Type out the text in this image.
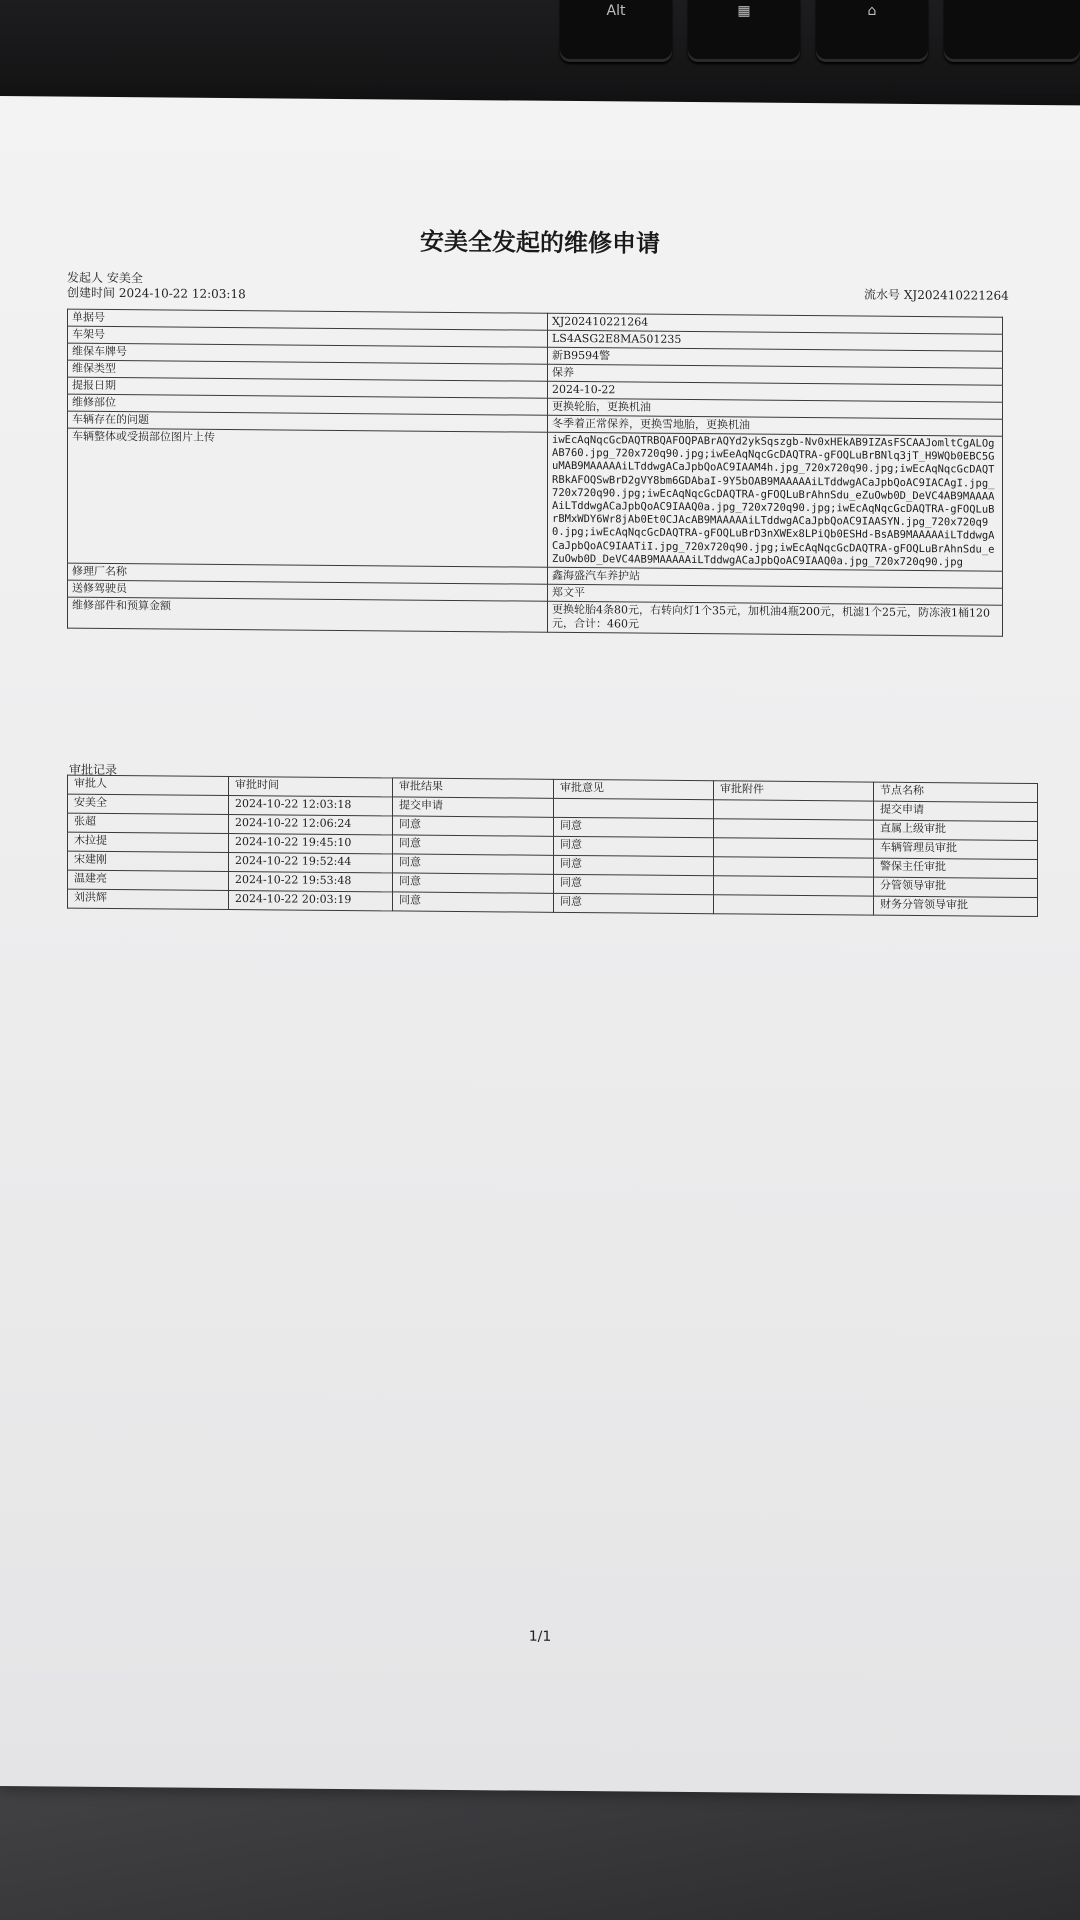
Alt	▦	⌂
安美全发起的维修申请
发起人 安美全
创建时间 2024-10-22 12:03:18	流水号 XJ202410221264
单据号	XJ202410221264
车架号	LS4ASG2E8MA501235
维保车牌号	新B9594警
维保类型	保养
提报日期	2024-10-22
维修部位	更换轮胎，更换机油
车辆存在的问题	冬季着正常保养，更换雪地胎，更换机油
车辆整体或受损部位图片上传	iwEcAqNqcGcDAQTRBQAFOQPABrAQYd2ykSqszgb-Nv0xHEkAB9IZAsFSCAAJomltCgALOgAB760.jpg_720x720q90.jpg;iwEeAqNqcGcDAQTRA-gFOQLuBrBNlq3jT_H9WQb0EBC5GuMAB9MAAAAAiLTddwgACaJpbQoAC9IAAM4h.jpg_720x720q90.jpg;iwEcAqNqcGcDAQTRBkAFOQSwBrD2gVY8bm6GDAbaI-9Y5bOAB9MAAAAAiLTddwgACaJpbQoAC9IACAgI.jpg_720x720q90.jpg;iwEcAqNqcGcDAQTRA-gFOQLuBrAhnSdu_eZuOwb0D_DeVC4AB9MAAAAAiLTddwgACaJpbQoAC9IAAQ0a.jpg_720x720q90.jpg;iwEcAqNqcGcDAQTRA-gFOQLuBrBMxWDY6Wr8jAb0Et0CJAcAB9MAAAAAiLTddwgACaJpbQoAC9IAASYN.jpg_720x720q90.jpg;iwEcAqNqcGcDAQTRA-gFOQLuBrD3nXWEx8LPiQb0ESHd-BsAB9MAAAAAiLTddwgACaJpbQoAC9IAATiI.jpg_720x720q90.jpg;iwEcAqNqcGcDAQTRA-gFOQLuBrAhnSdu_eZuOwb0D_DeVC4AB9MAAAAAiLTddwgACaJpbQoAC9IAAQ0a.jpg_720x720q90.jpg
修理厂名称	鑫海盛汽车养护站
送修驾驶员	郑文平
维修部件和预算金额	更换轮胎4条80元，右转向灯1个35元，加机油4瓶200元，机滤1个25元，防冻液1桶120元，合计：460元
审批记录
审批人	审批时间	审批结果	审批意见	审批附件	节点名称
安美全	2024-10-22 12:03:18	提交申请			提交申请
张超	2024-10-22 12:06:24	同意	同意		直属上级审批
木拉提	2024-10-22 19:45:10	同意	同意		车辆管理员审批
宋建刚	2024-10-22 19:52:44	同意	同意		警保主任审批
温建亮	2024-10-22 19:53:48	同意	同意		分管领导审批
刘洪辉	2024-10-22 20:03:19	同意	同意		财务分管领导审批
1/1
